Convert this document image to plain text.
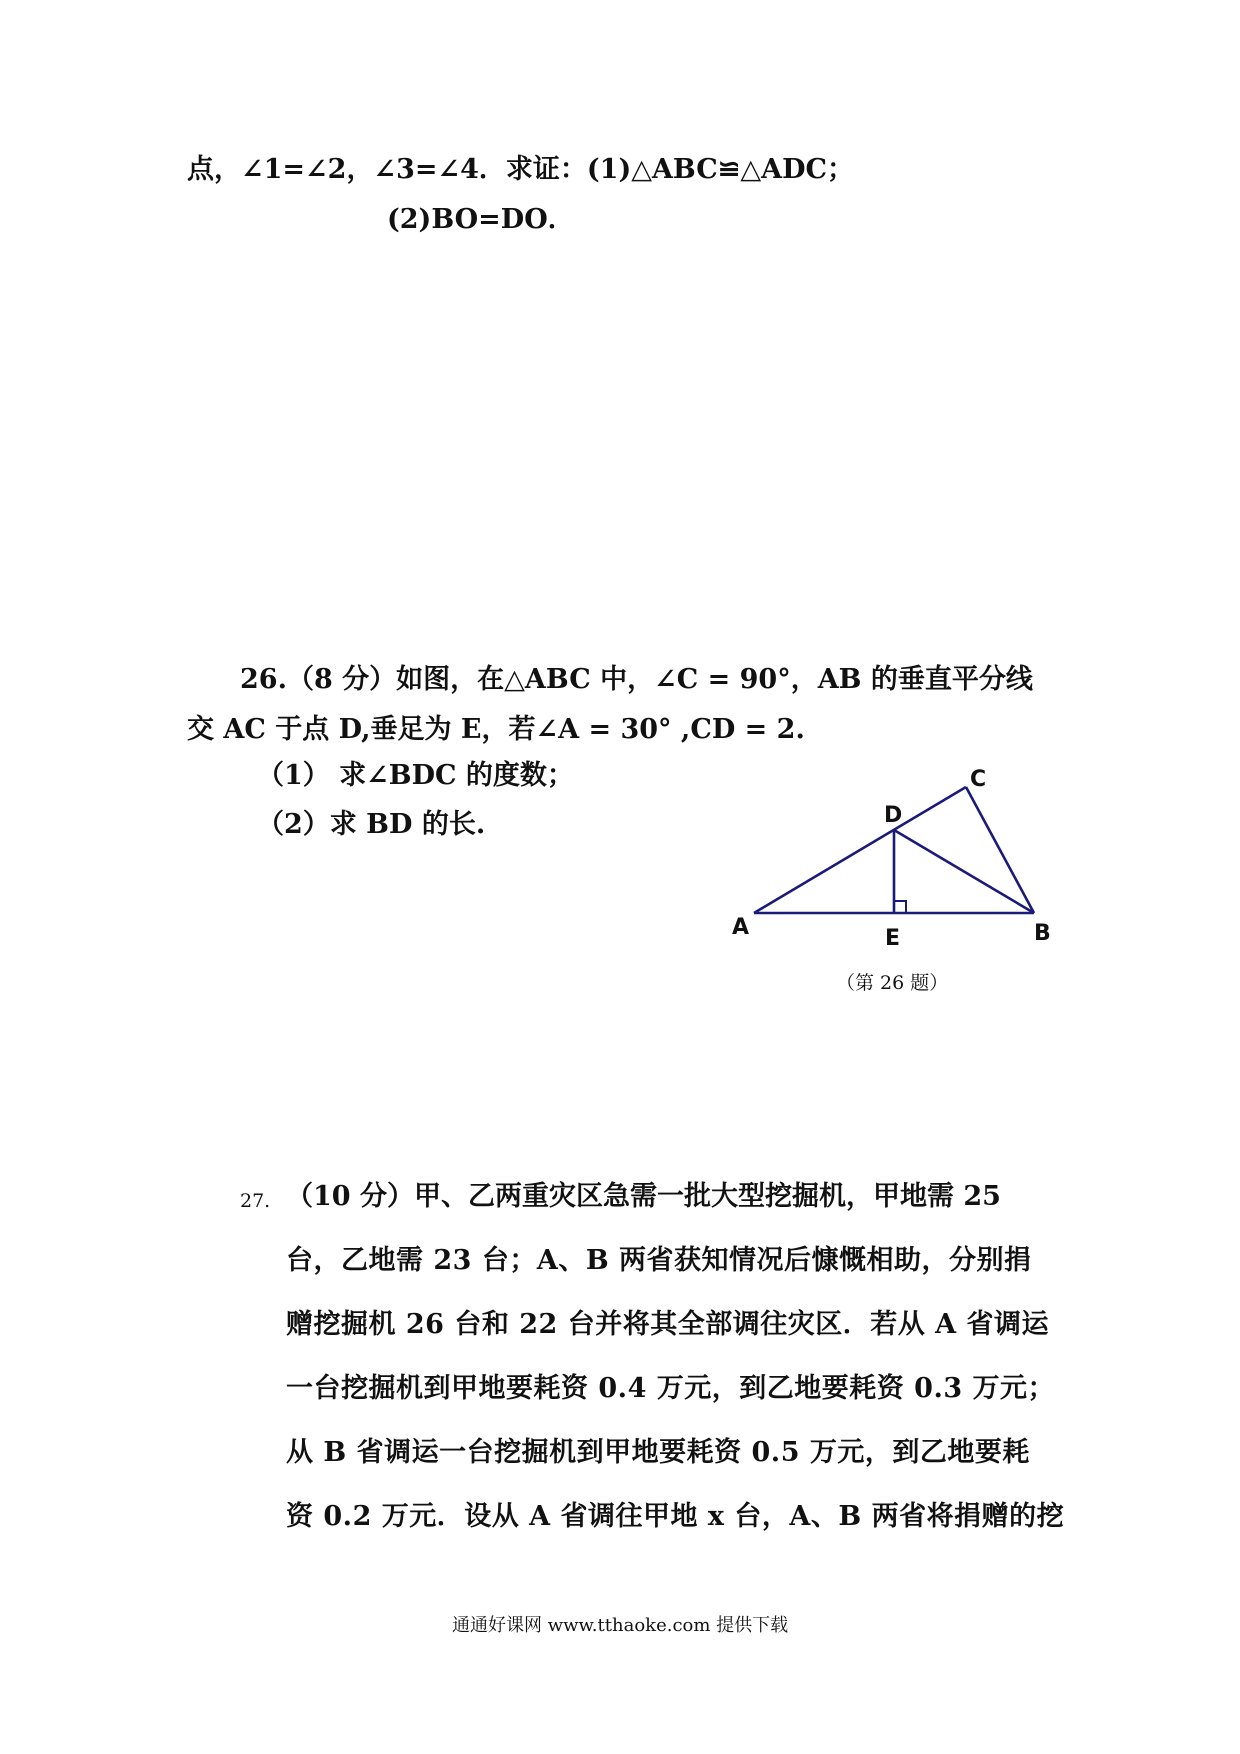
点，∠1=∠2，∠3=∠4．求证：(1)△ABC≌△ADC；
(2)BO=DO．
26.（8 分）如图，在△ABC 中，∠C = 90°，AB 的垂直平分线
交 AC 于点 D,垂足为 E，若∠A = 30° ,CD = 2.
（1） 求∠BDC 的度数；
（2）求 BD 的长.
A	B
C
D
E
（第 26 题）
27. （10 分）甲、乙两重灾区急需一批大型挖掘机，甲地需 25
台，乙地需 23 台；A、B 两省获知情况后慷慨相助，分别捐
赠挖掘机 26 台和 22 台并将其全部调往灾区．若从 A 省调运
一台挖掘机到甲地要耗资 0.4 万元，到乙地要耗资 0.3 万元；
从 B 省调运一台挖掘机到甲地要耗资 0.5 万元，到乙地要耗
资 0.2 万元．设从 A 省调往甲地 x 台，A、B 两省将捐赠的挖
通通好课网 www.tthaoke.com 提供下载
